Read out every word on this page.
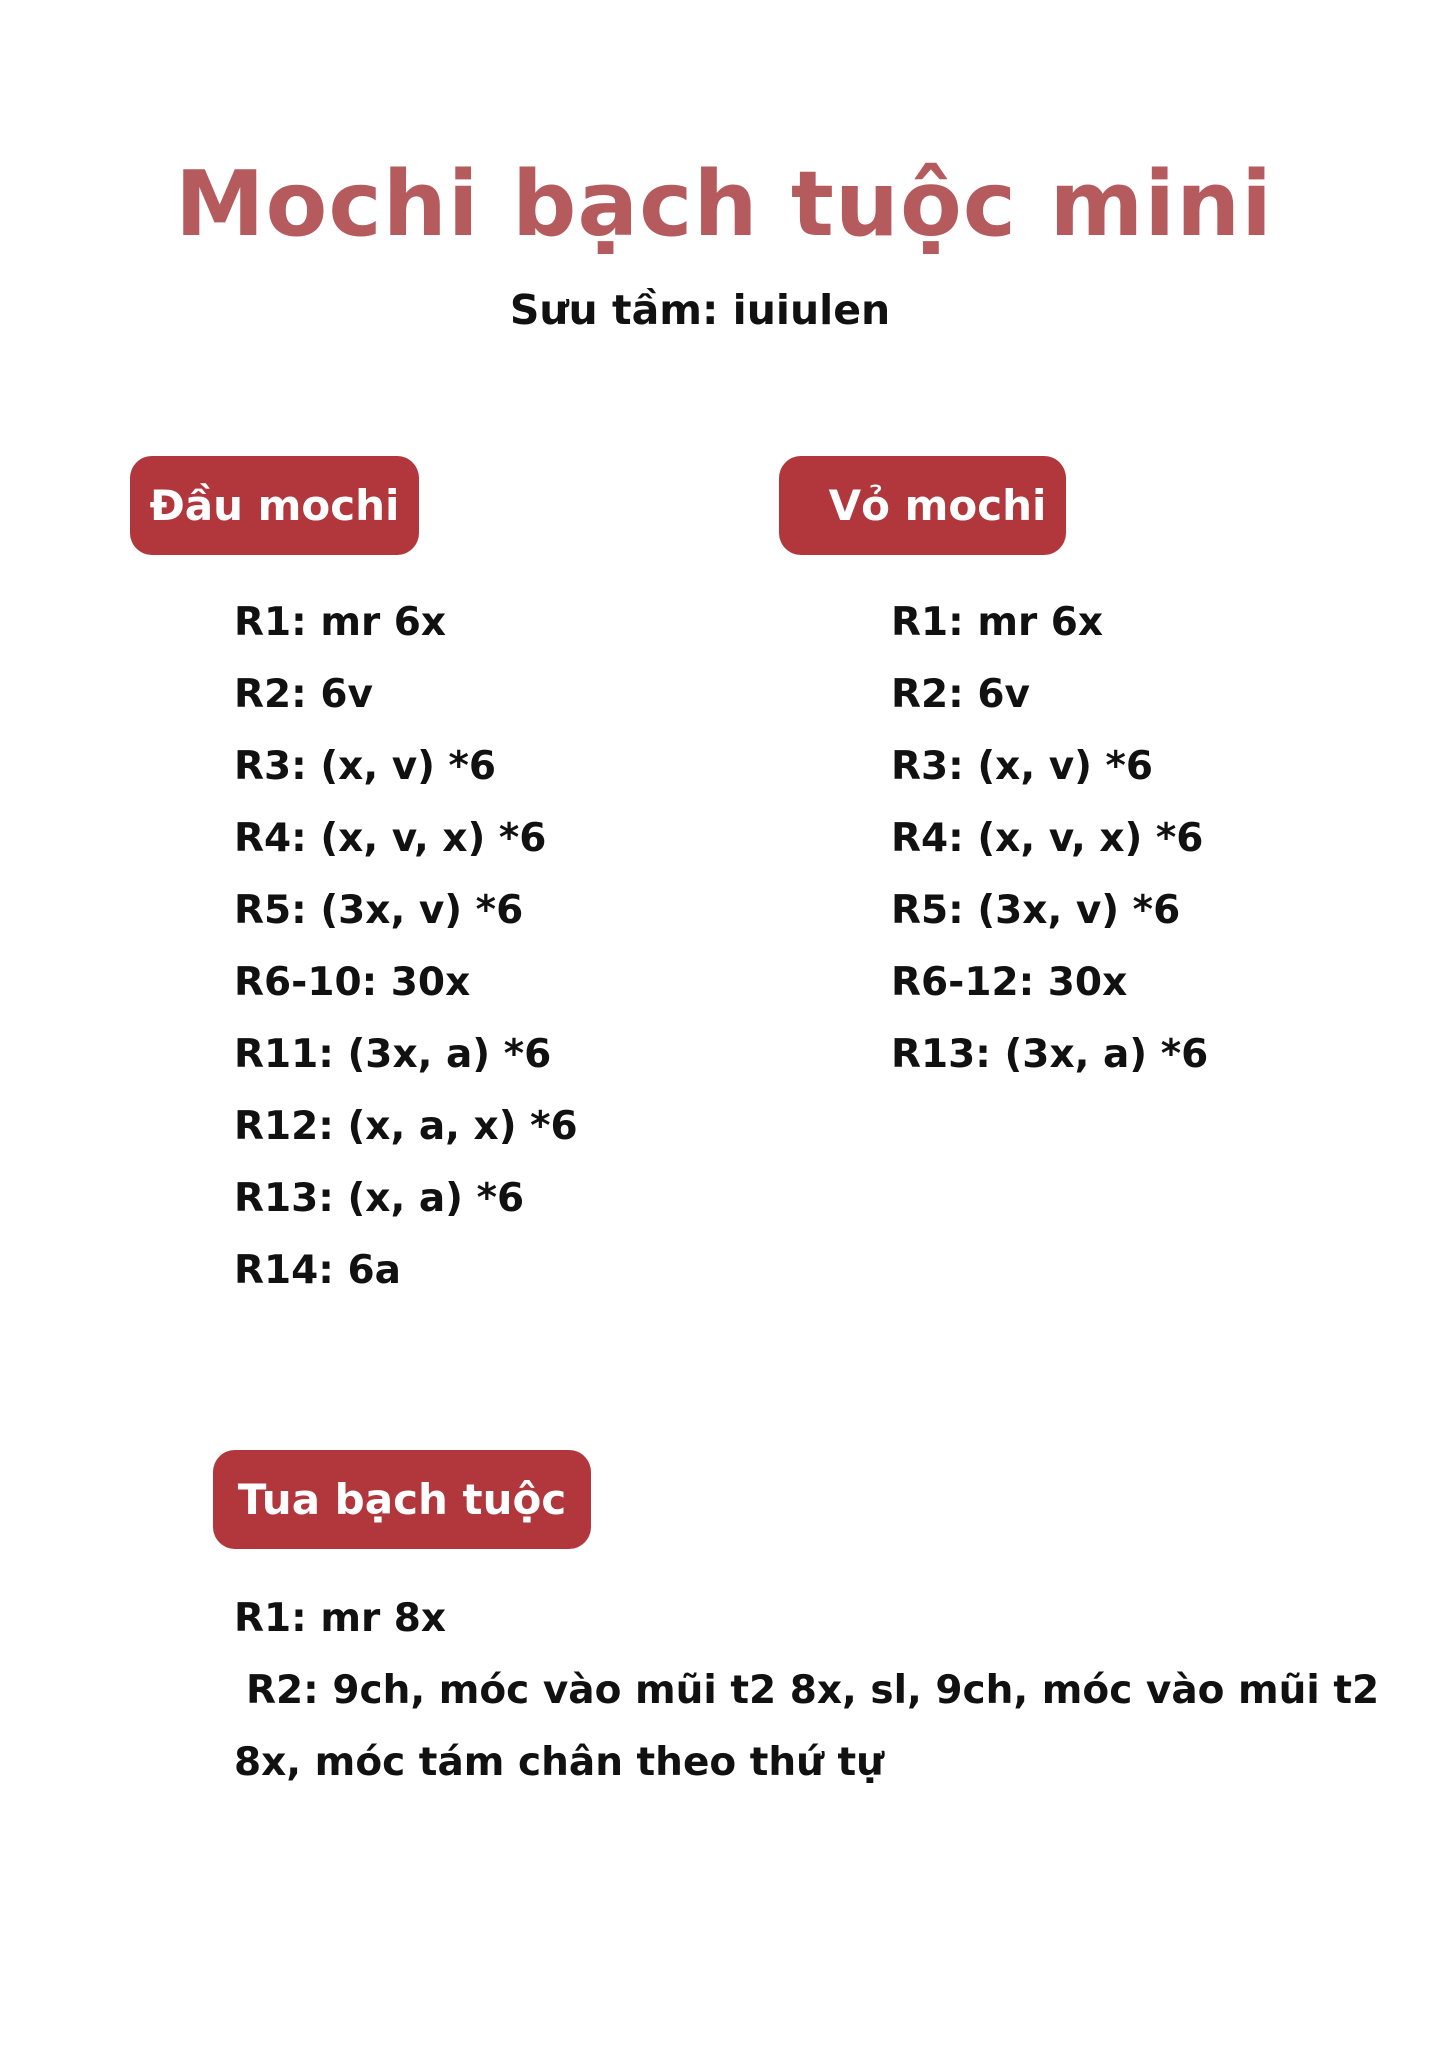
Mochi bạch tuộc mini
Sưu tầm: iuiulen
Đầu mochi
R1: mr 6x
R2: 6v
R3: (x, v) *6
R4: (x, v, x) *6
R5: (3x, v) *6
R6-10: 30x
R11: (3x, a) *6
R12: (x, a, x) *6
R13: (x, a) *6
R14: 6a
Vỏ mochi
R1: mr 6x
R2: 6v
R3: (x, v) *6
R4: (x, v, x) *6
R5: (3x, v) *6
R6-12: 30x
R13: (3x, a) *6
Tua bạch tuộc
R1: mr 8x
R2: 9ch, móc vào mũi t2 8x, sl, 9ch, móc vào mũi t2
8x, móc tám chân theo thứ tự
